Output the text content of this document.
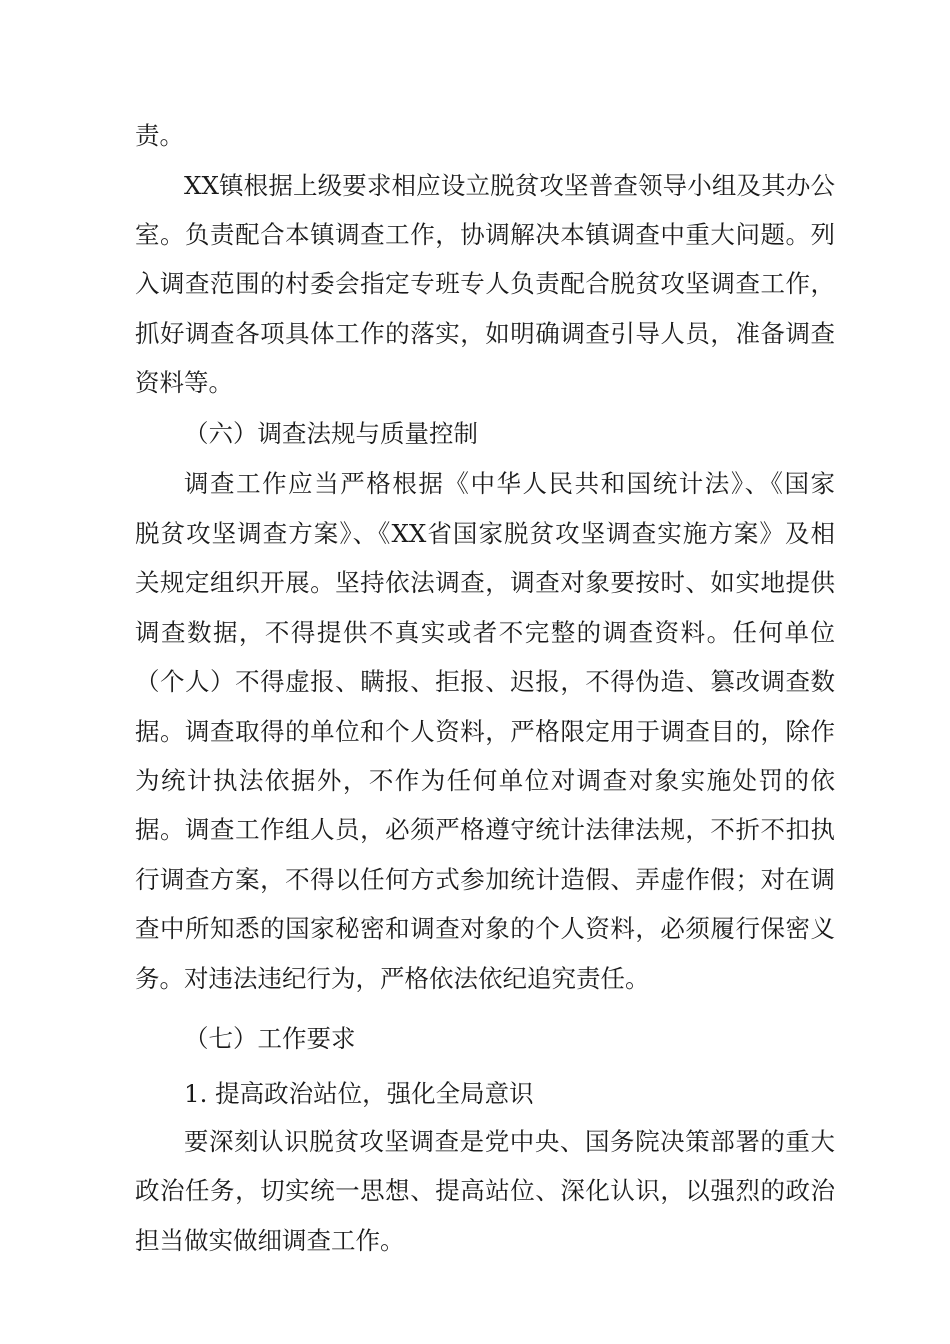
责。
XX镇根据上级要求相应设立脱贫攻坚普查领导小组及其办公
室。负责配合本镇调查工作，协调解决本镇调查中重大问题。列
入调查范围的村委会指定专班专人负责配合脱贫攻坚调查工作，
抓好调查各项具体工作的落实，如明确调查引导人员，准备调查
资料等。
（六）调查法规与质量控制
调查工作应当严格根据《中华人民共和国统计法》、《国家
脱贫攻坚调查方案》、《XX省国家脱贫攻坚调查实施方案》及相
关规定组织开展。坚持依法调查，调查对象要按时、如实地提供
调查数据，不得提供不真实或者不完整的调查资料。任何单位
（个人）不得虚报、瞒报、拒报、迟报，不得伪造、篡改调查数
据。调查取得的单位和个人资料，严格限定用于调查目的，除作
为统计执法依据外，不作为任何单位对调查对象实施处罚的依
据。调查工作组人员，必须严格遵守统计法律法规，不折不扣执
行调查方案，不得以任何方式参加统计造假、弄虚作假；对在调
查中所知悉的国家秘密和调查对象的个人资料，必须履行保密义
务。对违法违纪行为，严格依法依纪追究责任。
（七）工作要求
1. 提高政治站位，强化全局意识
要深刻认识脱贫攻坚调查是党中央、国务院决策部署的重大
政治任务，切实统一思想、提高站位、深化认识，以强烈的政治
担当做实做细调查工作。
